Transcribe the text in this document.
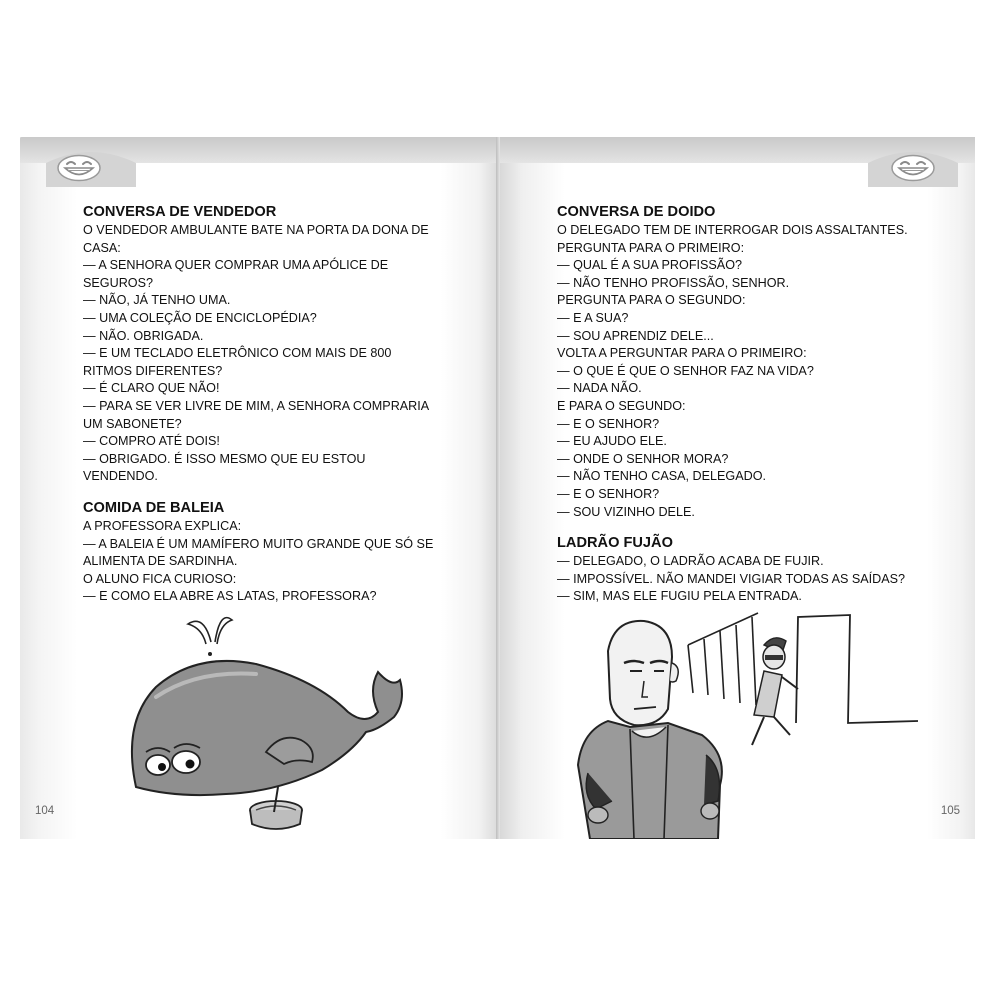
CONVERSA DE VENDEDOR
O VENDEDOR AMBULANTE BATE NA PORTA DA DONA DE
CASA:
— A SENHORA QUER COMPRAR UMA APÓLICE DE
SEGUROS?
— NÃO, JÁ TENHO UMA.
— UMA COLEÇÃO DE ENCICLOPÉDIA?
— NÃO. OBRIGADA.
— E UM TECLADO ELETRÔNICO COM MAIS DE 800
RITMOS DIFERENTES?
— É CLARO QUE NÃO!
— PARA SE VER LIVRE DE MIM, A SENHORA COMPRARIA
UM SABONETE?
— COMPRO ATÉ DOIS!
— OBRIGADO. É ISSO MESMO QUE EU ESTOU
VENDENDO.
COMIDA DE BALEIA
A PROFESSORA EXPLICA:
— A BALEIA É UM MAMÍFERO MUITO GRANDE QUE SÓ SE
ALIMENTA DE SARDINHA.
O ALUNO FICA CURIOSO:
— E COMO ELA ABRE AS LATAS, PROFESSORA?
104
CONVERSA DE DOIDO
O DELEGADO TEM DE INTERROGAR DOIS ASSALTANTES.
PERGUNTA PARA O PRIMEIRO:
— QUAL É A SUA PROFISSÃO?
— NÃO TENHO PROFISSÃO, SENHOR.
PERGUNTA PARA O SEGUNDO:
— E A SUA?
— SOU APRENDIZ DELE...
VOLTA A PERGUNTAR PARA O PRIMEIRO:
— O QUE É QUE O SENHOR FAZ NA VIDA?
— NADA NÃO.
E PARA O SEGUNDO:
— E O SENHOR?
— EU AJUDO ELE.
— ONDE O SENHOR MORA?
— NÃO TENHO CASA, DELEGADO.
— E O SENHOR?
— SOU VIZINHO DELE.
LADRÃO FUJÃO
— DELEGADO, O LADRÃO ACABA DE FUJIR.
— IMPOSSÍVEL. NÃO MANDEI VIGIAR TODAS AS SAÍDAS?
— SIM, MAS ELE FUGIU PELA ENTRADA.
105
